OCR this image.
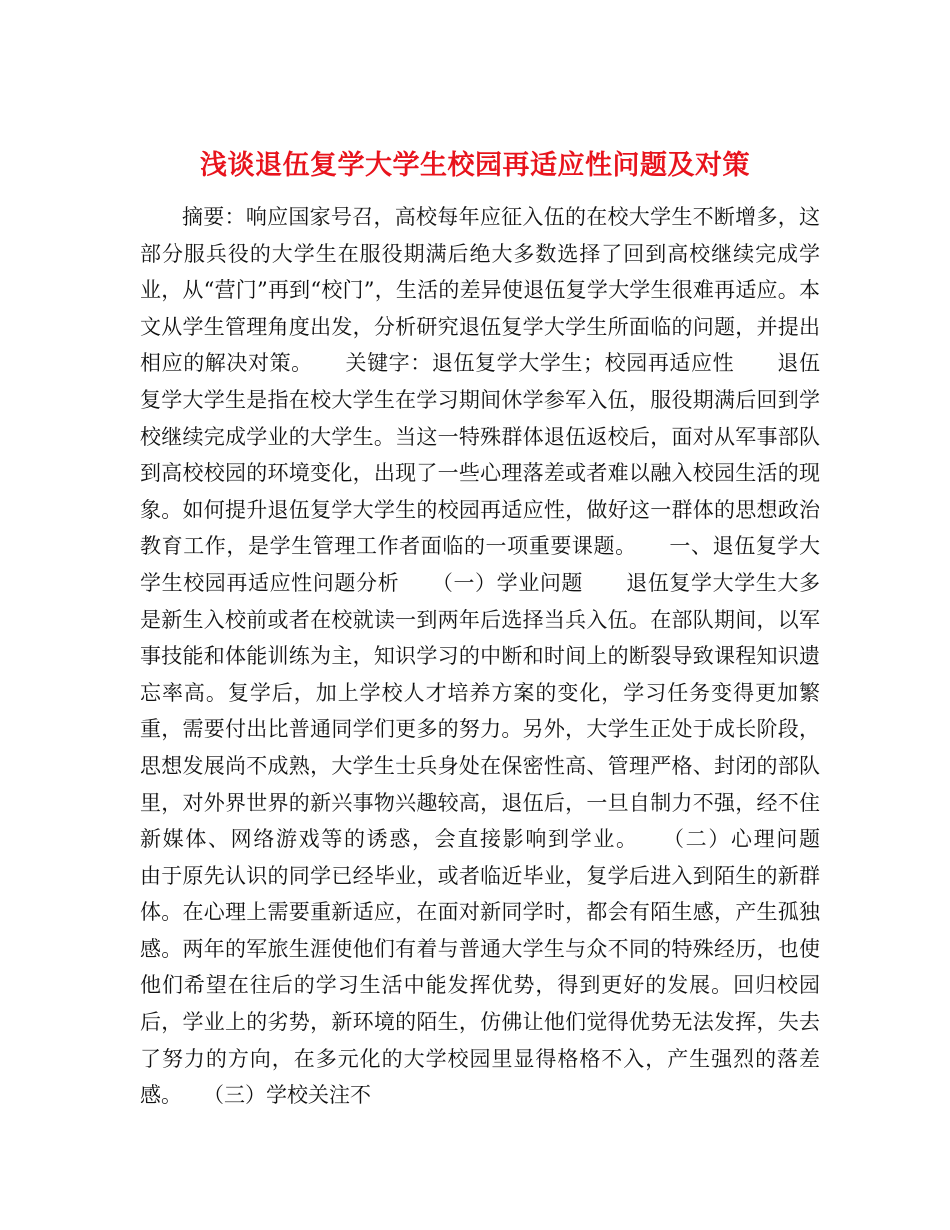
浅谈退伍复学大学生校园再适应性问题及对策

摘要：响应国家号召，高校每年应征入伍的在校大学生不断增多，这部分服兵役的大学生在服役期满后绝大多数选择了回到高校继续完成学业，从“营门”再到“校门”，生活的差异使退伍复学大学生很难再适应。本文从学生管理角度出发，分析研究退伍复学大学生所面临的问题，并提出相应的解决对策。　　关键字：退伍复学大学生；校园再适应性　　退伍复学大学生是指在校大学生在学习期间休学参军入伍，服役期满后回到学校继续完成学业的大学生。当这一特殊群体退伍返校后，面对从军事部队到高校校园的环境变化，出现了一些心理落差或者难以融入校园生活的现象。如何提升退伍复学大学生的校园再适应性，做好这一群体的思想政治教育工作，是学生管理工作者面临的一项重要课题。　　一、退伍复学大学生校园再适应性问题分析　　（一）学业问题　　退伍复学大学生大多是新生入校前或者在校就读一到两年后选择当兵入伍。在部队期间，以军事技能和体能训练为主，知识学习的中断和时间上的断裂导致课程知识遗忘率高。复学后，加上学校人才培养方案的变化，学习任务变得更加繁重，需要付出比普通同学们更多的努力。另外，大学生正处于成长阶段，思想发展尚不成熟，大学生士兵身处在保密性高、管理严格、封闭的部队里，对外界世界的新兴事物兴趣较高，退伍后，一旦自制力不强，经不住新媒体、网络游戏等的诱惑，会直接影响到学业。　　（二）心理问题　　由于原先认识的同学已经毕业，或者临近毕业，复学后进入到陌生的新群体。在心理上需要重新适应，在面对新同学时，都会有陌生感，产生孤独感。两年的军旅生涯使他们有着与普通大学生与众不同的特殊经历，也使他们希望在往后的学习生活中能发挥优势，得到更好的发展。回归校园后，学业上的劣势，新环境的陌生，仿佛让他们觉得优势无法发挥，失去了努力的方向，在多元化的大学校园里显得格格不入，产生强烈的落差感。　　（三）学校关注不
